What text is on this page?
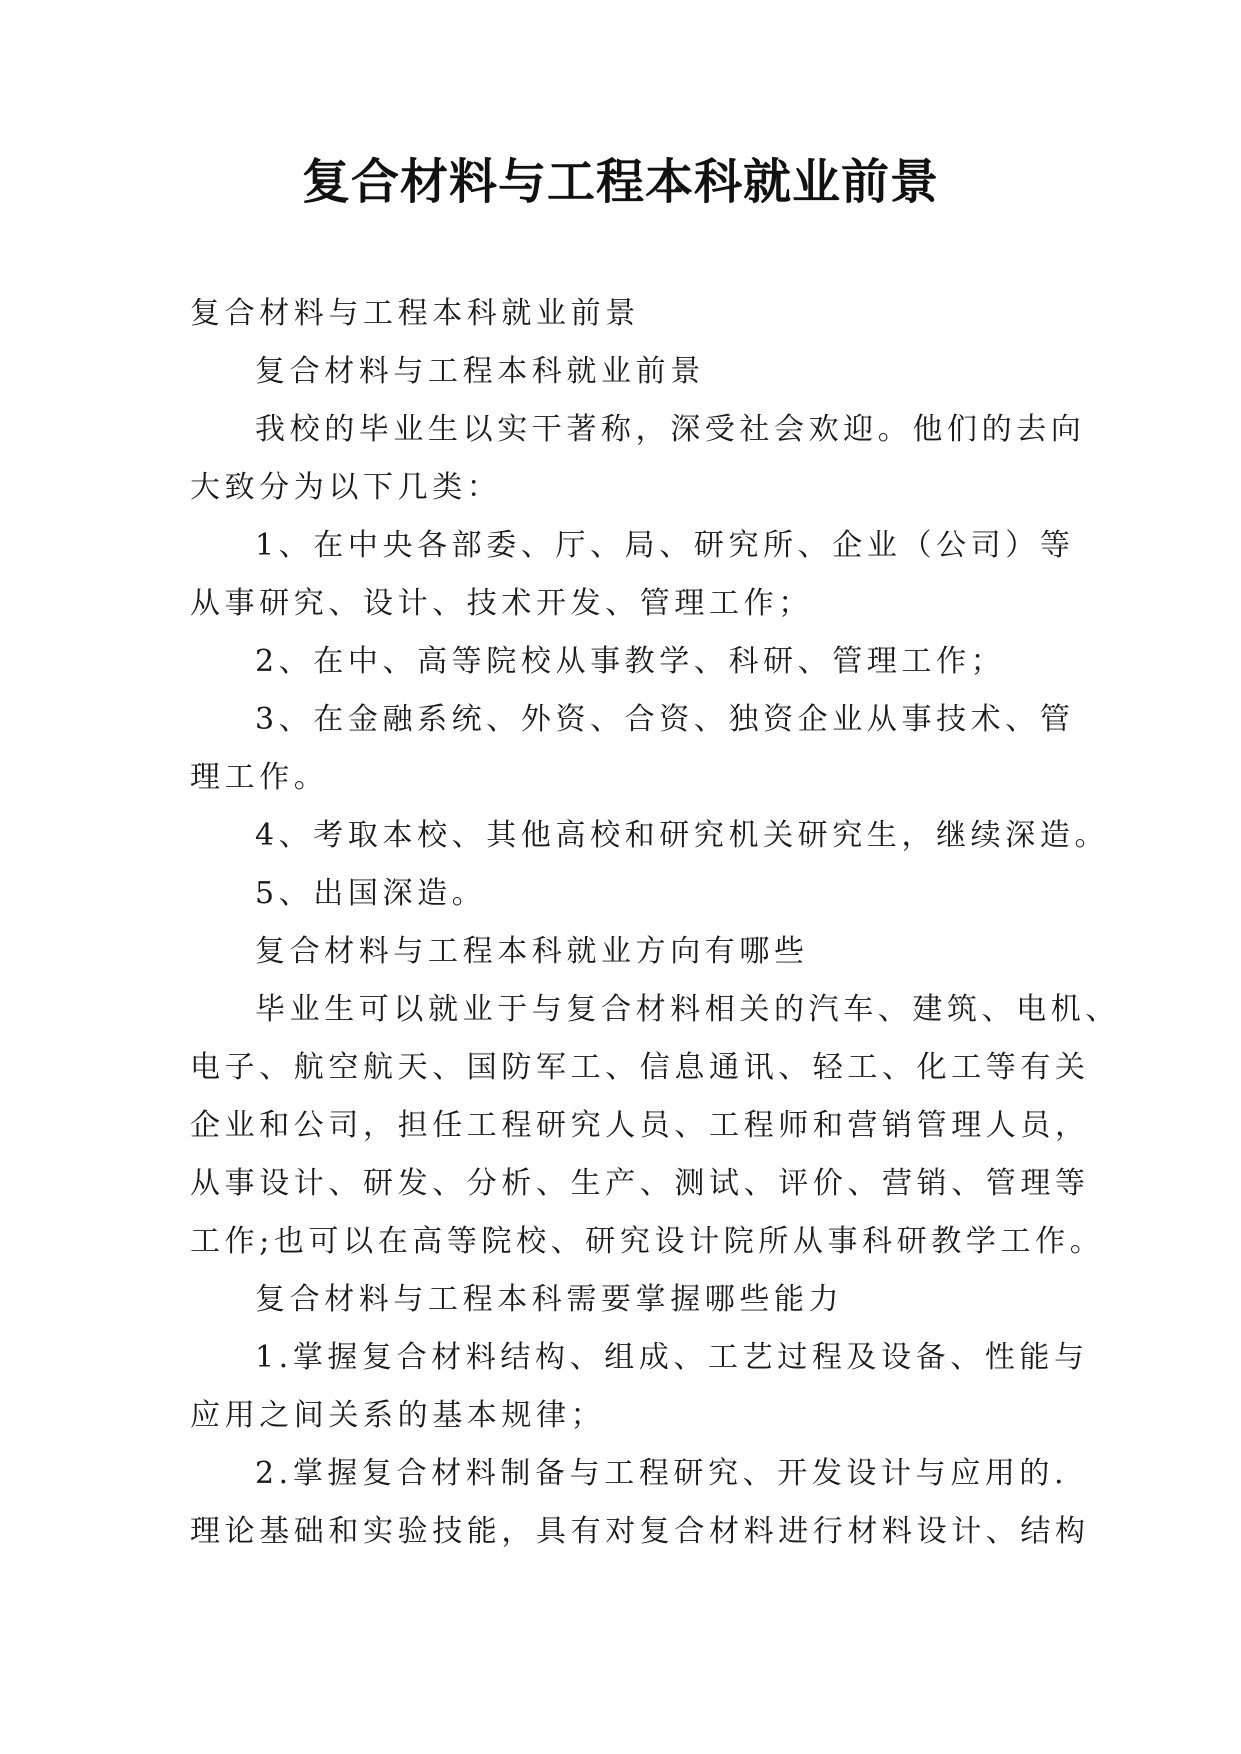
复合材料与工程本科就业前景

复合材料与工程本科就业前景

复合材料与工程本科就业前景

我校的毕业生以实干著称，深受社会欢迎。他们的去向

大致分为以下几类：

1、在中央各部委、厅、局、研究所、企业（公司）等

从事研究、设计、技术开发、管理工作；

2、在中、高等院校从事教学、科研、管理工作；

3、在金融系统、外资、合资、独资企业从事技术、管

理工作。

4、考取本校、其他高校和研究机关研究生，继续深造。

5、出国深造。

复合材料与工程本科就业方向有哪些

毕业生可以就业于与复合材料相关的汽车、建筑、电机、

电子、航空航天、国防军工、信息通讯、轻工、化工等有关

企业和公司，担任工程研究人员、工程师和营销管理人员，

从事设计、研发、分析、生产、测试、评价、营销、管理等

工作;也可以在高等院校、研究设计院所从事科研教学工作。

复合材料与工程本科需要掌握哪些能力

1.掌握复合材料结构、组成、工艺过程及设备、性能与

应用之间关系的基本规律；

2.掌握复合材料制备与工程研究、开发设计与应用的.

理论基础和实验技能，具有对复合材料进行材料设计、结构
